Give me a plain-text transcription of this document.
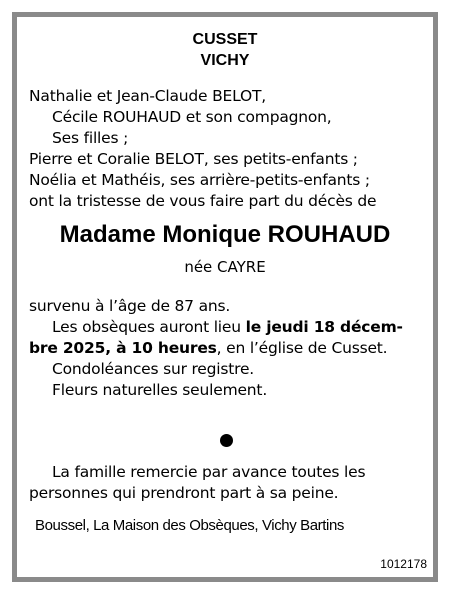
CUSSET
VICHY
Nathalie et Jean-Claude BELOT,
Cécile ROUHAUD et son compagnon,
Ses filles ;
Pierre et Coralie BELOT, ses petits-enfants ;
Noélia et Mathéis, ses arrière-petits-enfants ;
ont la tristesse de vous faire part du décès de
Madame Monique ROUHAUD
née CAYRE
survenu à l’âge de 87 ans.
Les obsèques auront lieu le jeudi 18 décem-
bre 2025, à 10 heures, en l’église de Cusset.
Condoléances sur registre.
Fleurs naturelles seulement.
La famille remercie par avance toutes les
personnes qui prendront part à sa peine.
Boussel, La Maison des Obsèques, Vichy Bartins
1012178
